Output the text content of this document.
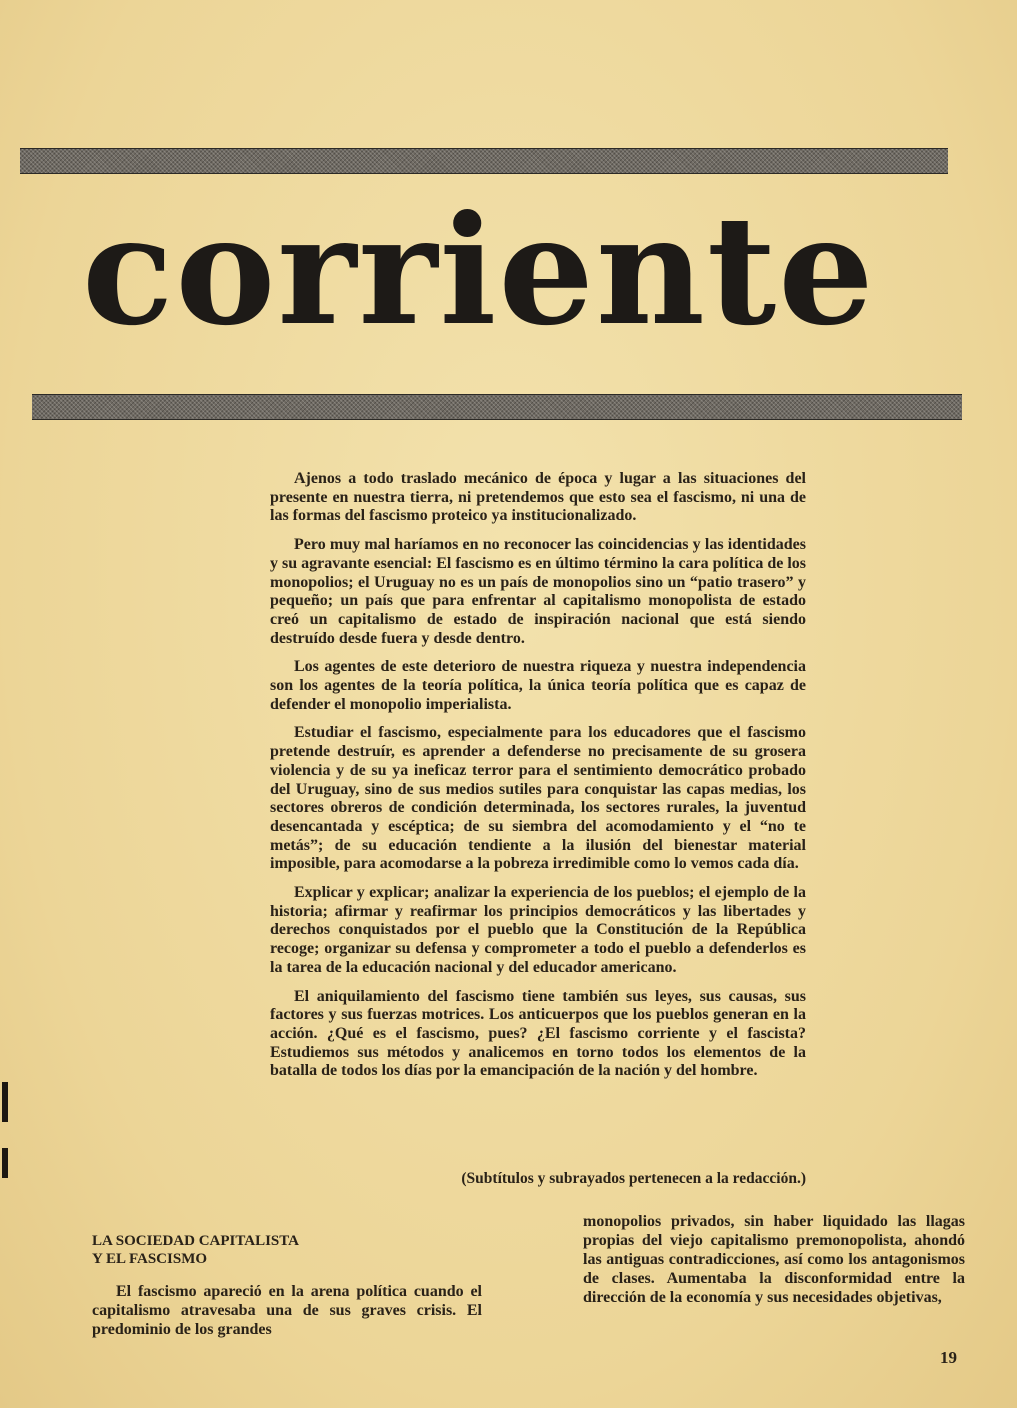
corriente

Ajenos a todo traslado mecánico de época y lugar a las situaciones del presente en nuestra tierra, ni pretendemos que esto sea el fascismo, ni una de las formas del fascismo proteico ya institucionalizado.

Pero muy mal haríamos en no reconocer las coincidencias y las identidades y su agravante esencial: El fascismo es en último término la cara política de los monopolios; el Uruguay no es un país de monopolios sino un “patio trasero” y pequeño; un país que para enfrentar al capitalismo monopolista de estado creó un capitalismo de estado de inspiración nacional que está siendo destruído desde fuera y desde dentro.

Los agentes de este deterioro de nuestra riqueza y nuestra independencia son los agentes de la teoría política, la única teoría política que es capaz de defender el monopolio imperialista.

Estudiar el fascismo, especialmente para los educadores que el fascismo pretende destruír, es aprender a defenderse no precisamente de su grosera violencia y de su ya ineficaz terror para el sentimiento democrático probado del Uruguay, sino de sus medios sutiles para conquistar las capas medias, los sectores obreros de condición determinada, los sectores rurales, la juventud desencantada y escéptica; de su siembra del acomodamiento y el “no te metás”; de su educación tendiente a la ilusión del bienestar material imposible, para acomodarse a la pobreza irredimible como lo vemos cada día.

Explicar y explicar; analizar la experiencia de los pueblos; el ejemplo de la historia; afirmar y reafirmar los principios democráticos y las libertades y derechos conquistados por el pueblo que la Constitución de la República recoge; organizar su defensa y comprometer a todo el pueblo a defenderlos es la tarea de la educación nacional y del educador americano.

El aniquilamiento del fascismo tiene también sus leyes, sus causas, sus factores y sus fuerzas motrices. Los anticuerpos que los pueblos generan en la acción. ¿Qué es el fascismo, pues? ¿El fascismo corriente y el fascista? Estudiemos sus métodos y analicemos en torno todos los elementos de la batalla de todos los días por la emancipación de la nación y del hombre.

(Subtítulos y subrayados pertenecen a la redacción.)
LA SOCIEDAD CAPITALISTA
Y EL FASCISMO

El fascismo apareció en la arena política cuando el capitalismo atravesaba una de sus graves crisis. El predominio de los grandes

monopolios privados, sin haber liquidado las llagas propias del viejo capitalismo premonopolista, ahondó las antiguas contradicciones, así como los antagonismos de clases. Aumentaba la disconformidad entre la dirección de la economía y sus necesidades objetivas,

19
